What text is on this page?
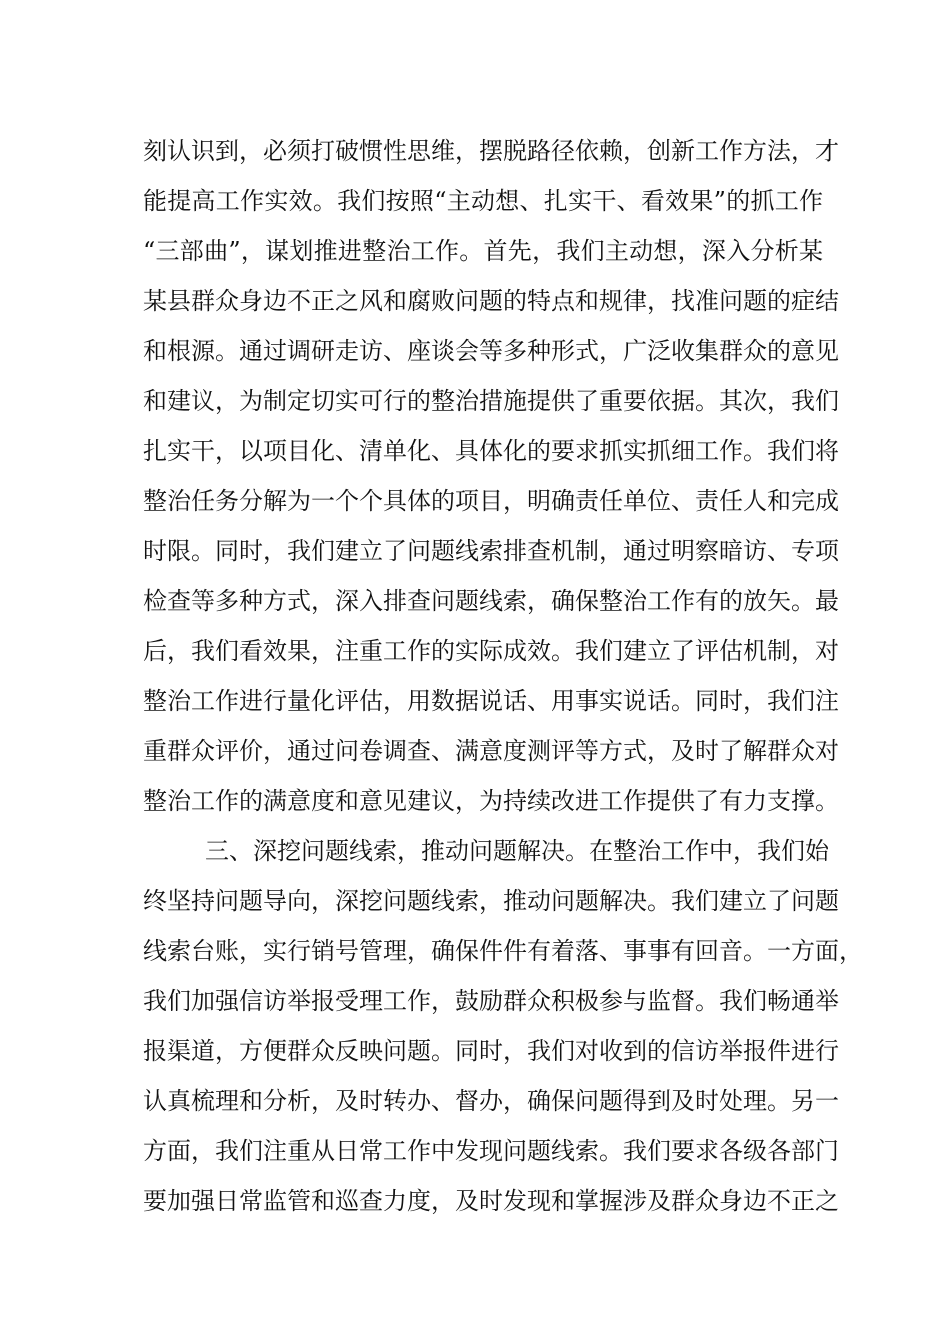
刻认识到，必须打破惯性思维，摆脱路径依赖，创新工作方法，才
能提高工作实效。我们按照“主动想、扎实干、看效果”的抓工作
“三部曲”，谋划推进整治工作。首先，我们主动想，深入分析某
某县群众身边不正之风和腐败问题的特点和规律，找准问题的症结
和根源。通过调研走访、座谈会等多种形式，广泛收集群众的意见
和建议，为制定切实可行的整治措施提供了重要依据。其次，我们
扎实干，以项目化、清单化、具体化的要求抓实抓细工作。我们将
整治任务分解为一个个具体的项目，明确责任单位、责任人和完成
时限。同时，我们建立了问题线索排查机制，通过明察暗访、专项
检查等多种方式，深入排查问题线索，确保整治工作有的放矢。最
后，我们看效果，注重工作的实际成效。我们建立了评估机制，对
整治工作进行量化评估，用数据说话、用事实说话。同时，我们注
重群众评价，通过问卷调查、满意度测评等方式，及时了解群众对
整治工作的满意度和意见建议，为持续改进工作提供了有力支撑。
三、深挖问题线索，推动问题解决。在整治工作中，我们始
终坚持问题导向，深挖问题线索，推动问题解决。我们建立了问题
线索台账，实行销号管理，确保件件有着落、事事有回音。一方面，
我们加强信访举报受理工作，鼓励群众积极参与监督。我们畅通举
报渠道，方便群众反映问题。同时，我们对收到的信访举报件进行
认真梳理和分析，及时转办、督办，确保问题得到及时处理。另一
方面，我们注重从日常工作中发现问题线索。我们要求各级各部门
要加强日常监管和巡查力度，及时发现和掌握涉及群众身边不正之
